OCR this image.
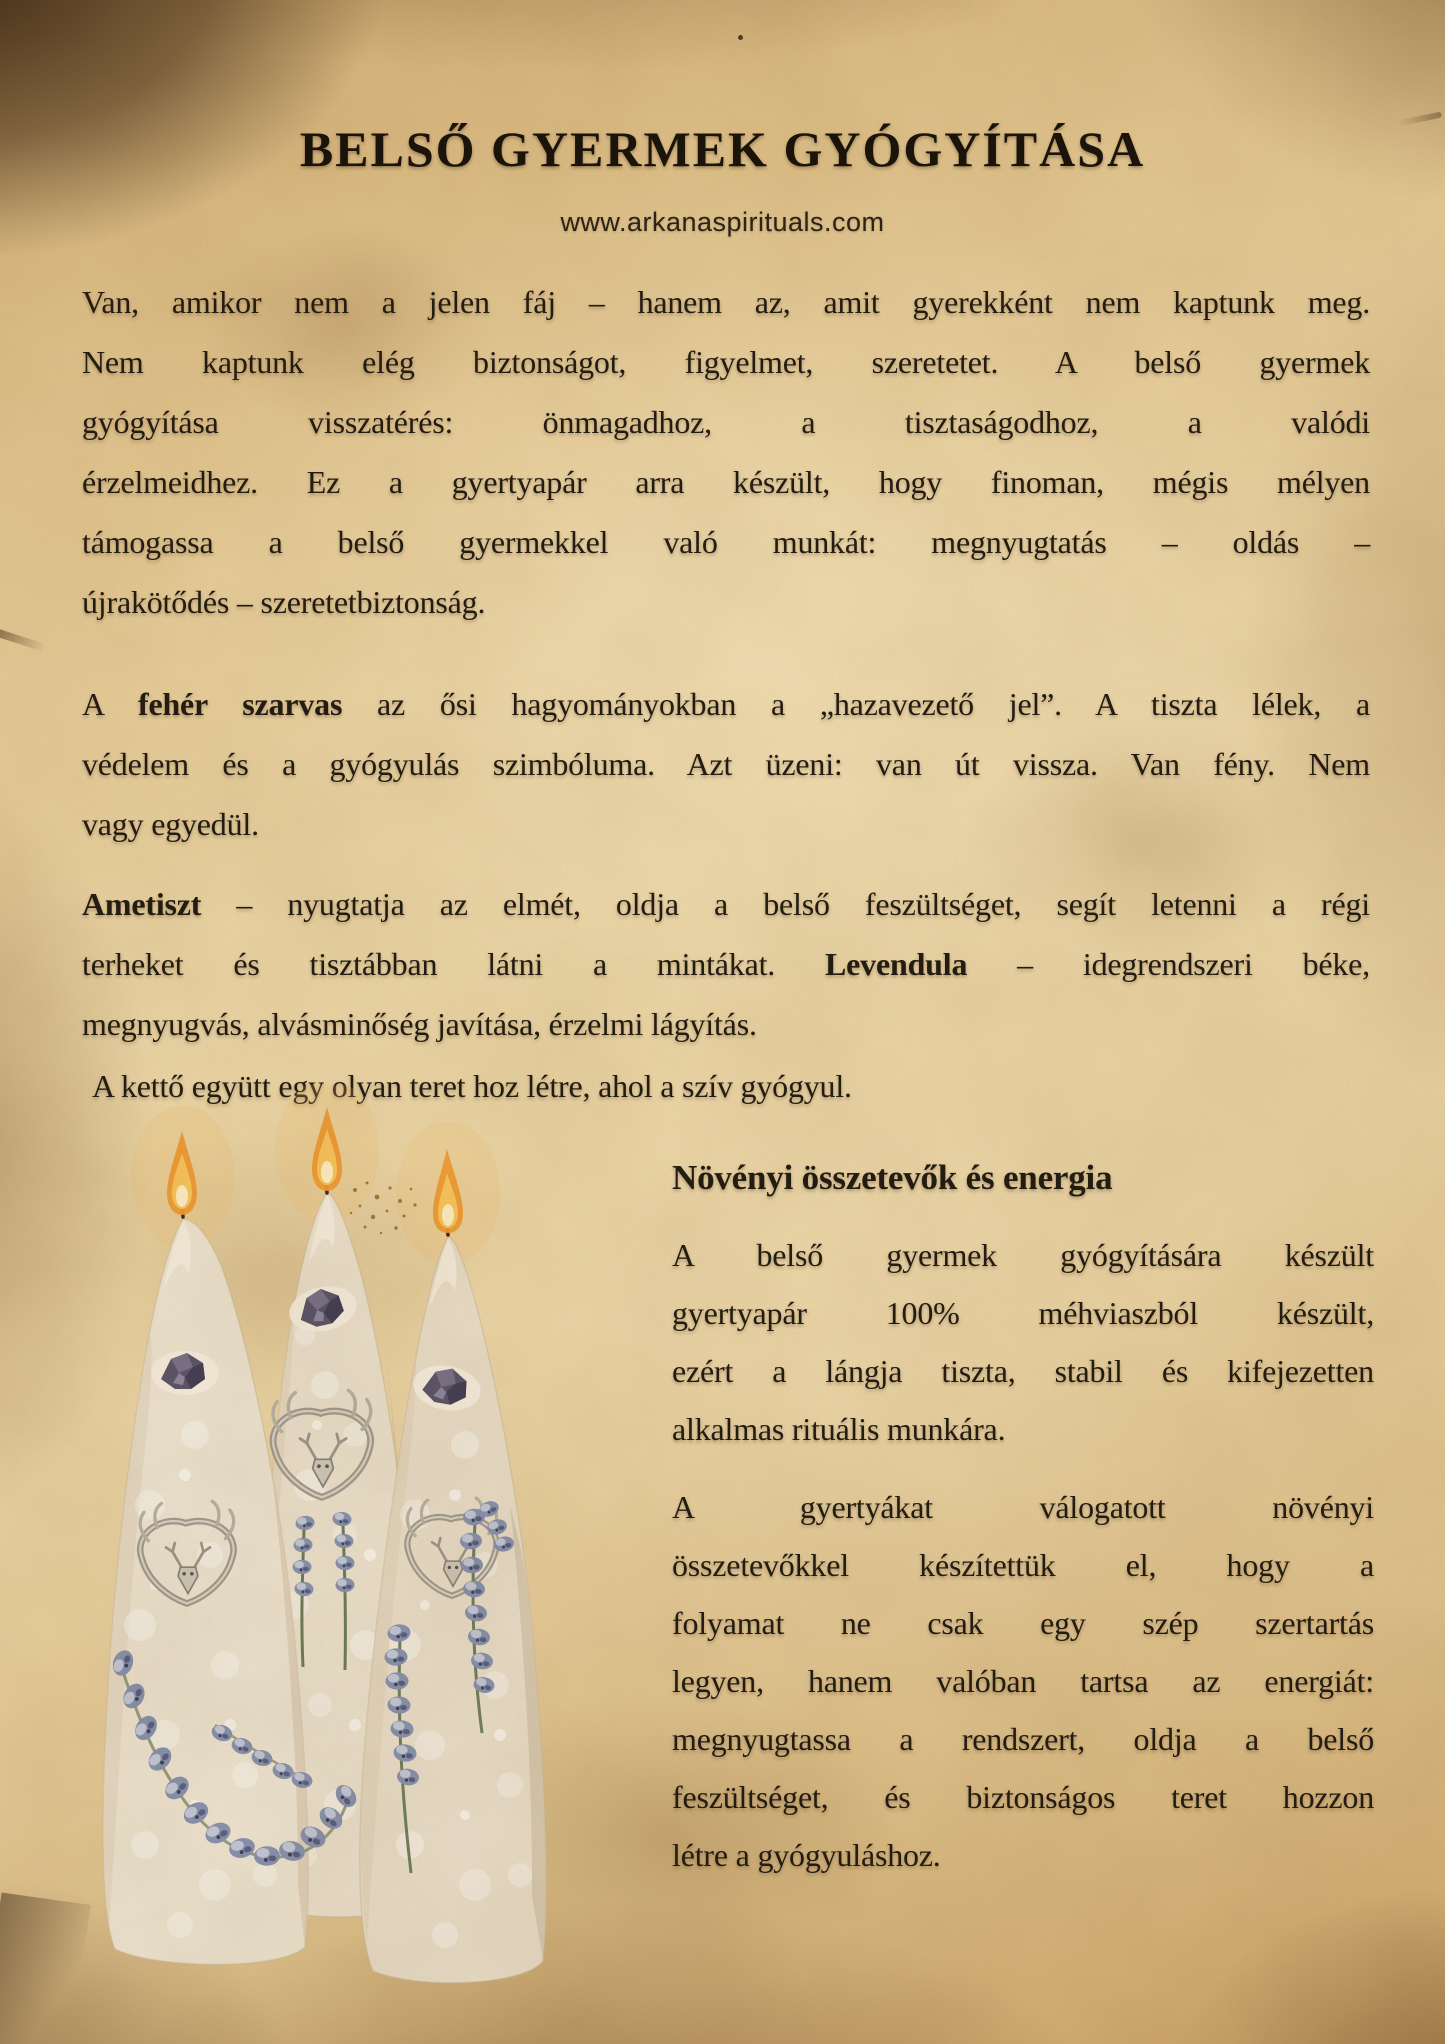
BELSŐ GYERMEK GYÓGYÍTÁSA
www.arkanaspirituals.com
Van, amikor nem a jelen fáj – hanem az, amit gyerekként nem kaptunk meg.
Nem kaptunk elég biztonságot, figyelmet, szeretetet. A belső gyermek
gyógyítása visszatérés: önmagadhoz, a tisztaságodhoz, a valódi
érzelmeidhez. Ez a gyertyapár arra készült, hogy finoman, mégis mélyen
támogassa a belső gyermekkel való munkát: megnyugtatás – oldás –
újrakötődés – szeretetbiztonság.
A fehér szarvas az ősi hagyományokban a „hazavezető jel”. A tiszta lélek, a
védelem és a gyógyulás szimbóluma. Azt üzeni: van út vissza. Van fény. Nem
vagy egyedül.
Ametiszt – nyugtatja az elmét, oldja a belső feszültséget, segít letenni a régi
terheket és tisztábban látni a mintákat. Levendula – idegrendszeri béke,
megnyugvás, alvásminőség javítása, érzelmi lágyítás.
A kettő együtt egy olyan teret hoz létre, ahol a szív gyógyul.
Növényi összetevők és energia
A belső gyermek gyógyítására készült
gyertyapár 100% méhviaszból készült,
ezért a lángja tiszta, stabil és kifejezetten
alkalmas rituális munkára.
A gyertyákat válogatott növényi
összetevőkkel készítettük el, hogy a
folyamat ne csak egy szép szertartás
legyen, hanem valóban tartsa az energiát:
megnyugtassa a rendszert, oldja a belső
feszültséget, és biztonságos teret hozzon
létre a gyógyuláshoz.
